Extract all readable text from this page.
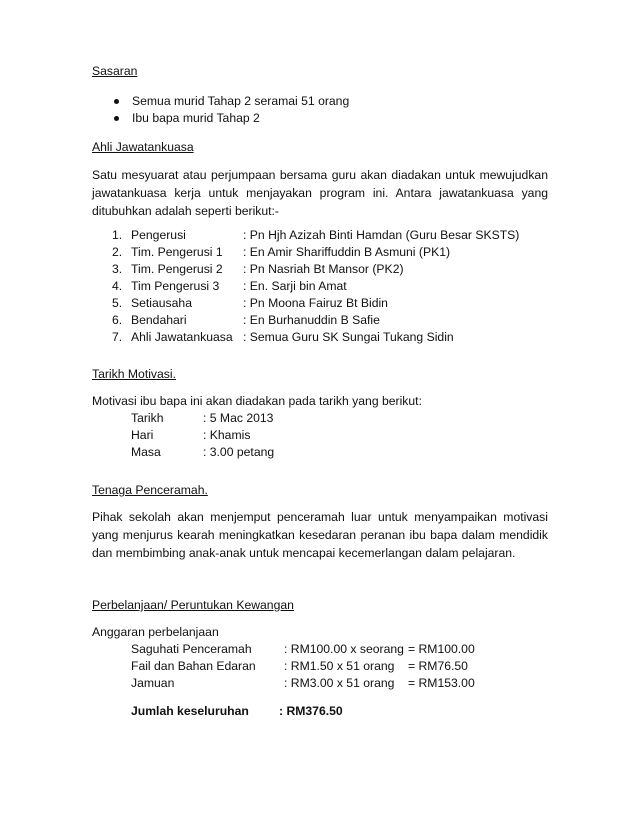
Sasaran
Semua murid Tahap 2 seramai 51 orang
Ibu bapa murid Tahap 2
Ahli Jawatankuasa
Satu mesyuarat atau perjumpaan bersama guru akan diadakan untuk mewujudkan jawatankuasa kerja untuk menjayakan program ini. Antara jawatankuasa yang ditubuhkan adalah seperti berikut:-
1. Pengerusi	: Pn Hjh Azizah Binti Hamdan (Guru Besar SKSTS)
2. Tim. Pengerusi 1 : En Amir Shariffuddin B Asmuni (PK1)
3. Tim. Pengerusi 2 : Pn Nasriah Bt Mansor (PK2)
4. Tim Pengerusi 3 : En. Sarji bin Amat
5. Setiausaha	: Pn Moona Fairuz Bt Bidin
6. Bendahari	: En Burhanuddin B Safie
7. Ahli Jawatankuasa : Semua Guru SK Sungai Tukang Sidin
Tarikh Motivasi.
Motivasi ibu bapa ini akan diadakan pada tarikh yang berikut:
Tarikh	: 5 Mac 2013
Hari	: Khamis
Masa	: 3.00 petang
Tenaga Penceramah.
Pihak sekolah akan menjemput penceramah luar untuk menyampaikan motivasi yang menjurus kearah meningkatkan kesedaran peranan ibu bapa dalam mendidik dan membimbing anak-anak untuk mencapai kecemerlangan dalam pelajaran.
Perbelanjaan/ Peruntukan Kewangan
Anggaran perbelanjaan
Saguhati Penceramah	: RM100.00 x seorang = RM100.00
Fail dan Bahan Edaran : RM1.50 x 51 orang = RM76.50
Jamuan	: RM3.00 x 51 orang = RM153.00
Jumlah keseluruhan : RM376.50
